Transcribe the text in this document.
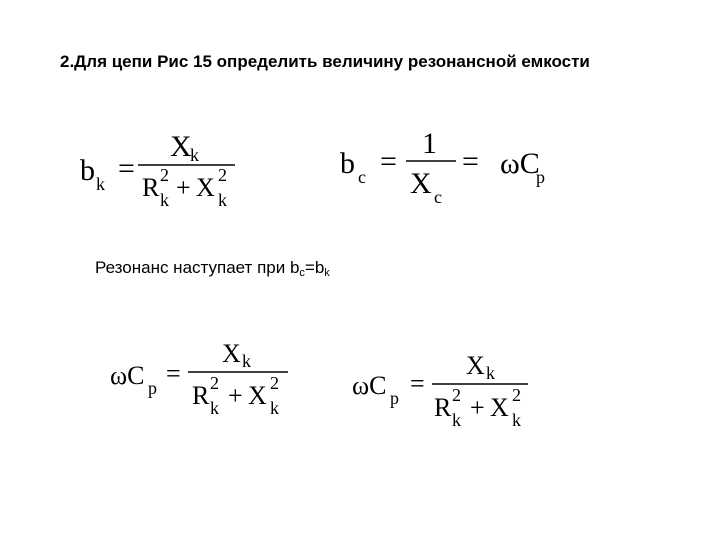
2.Для цепи Рис 15 определить величину резонансной емкости
b k =
X
k
R 2
k + X 2
k
b c =
1
X c
= ωC
p
Резонанс наступает при $b_c=b_k$
ωC p =
X k
R 2
k + X 2
k
ωC p =
X k
R 2
k + X 2
k
